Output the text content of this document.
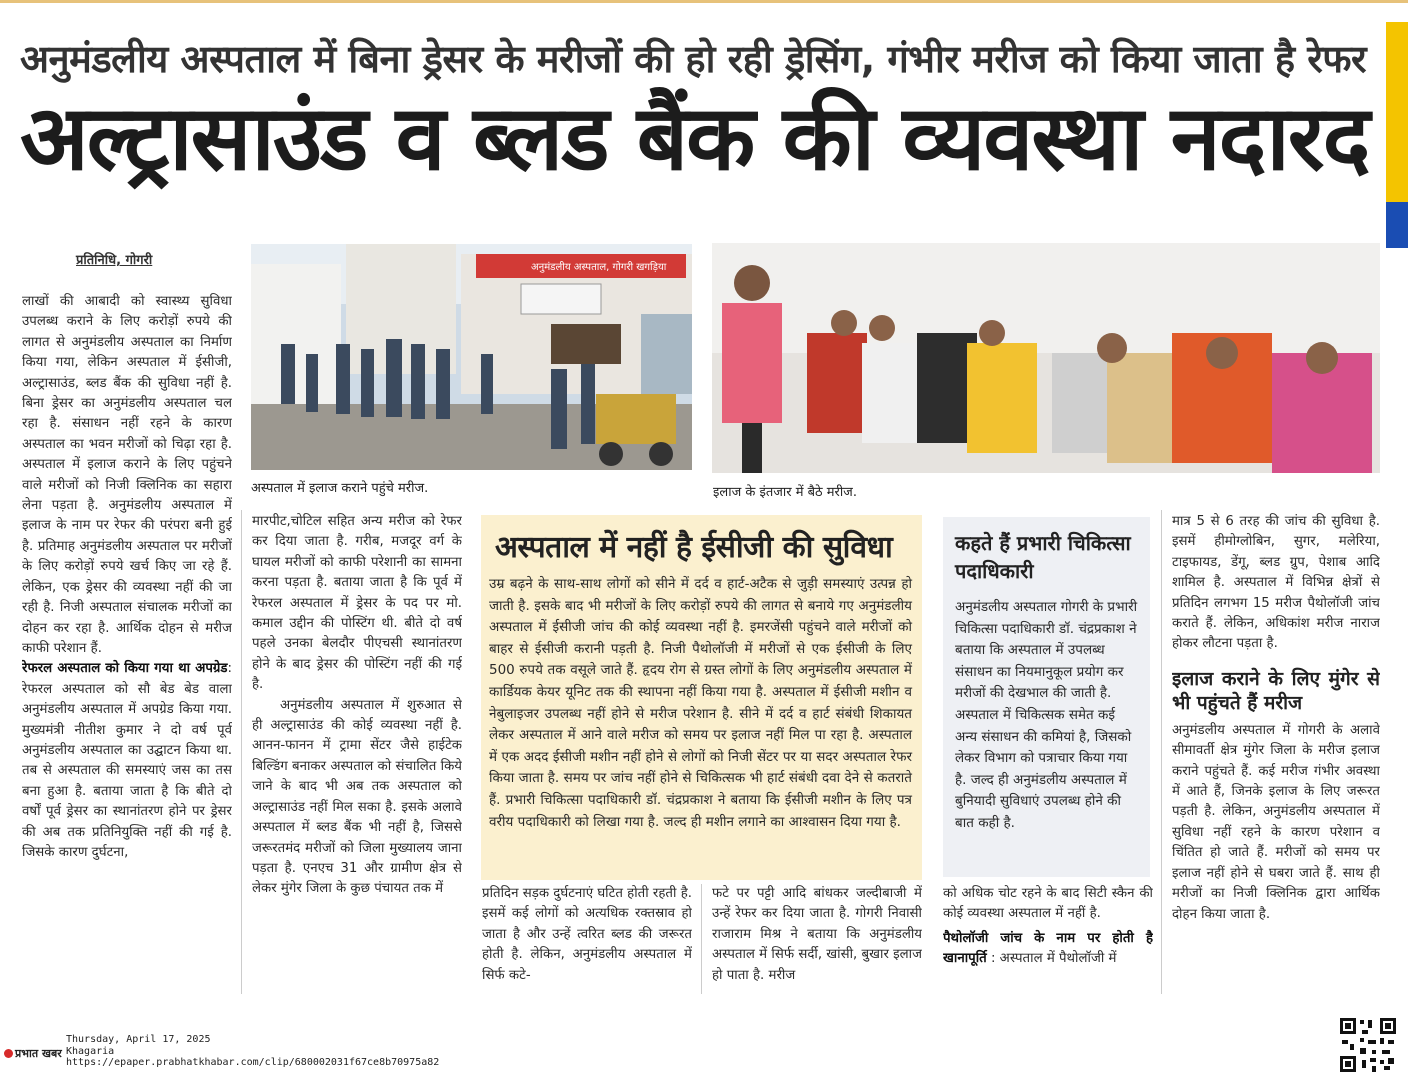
अनुमंडलीय अस्पताल में बिना ड्रेसर के मरीजों की हो रही ड्रेसिंग, गंभीर मरीज को किया जाता है रेफर
अल्ट्रासाउंड व ब्लड बैंक की व्यवस्था नदारद
प्रतिनिधि, गोगरी

लाखों की आबादी को स्वास्थ्य सुविधा उपलब्ध कराने के लिए करोड़ों रुपये की लागत से अनुमंडलीय अस्पताल का निर्माण किया गया, लेकिन अस्पताल में ईसीजी, अल्ट्रासाउंड, ब्लड बैंक की सुविधा नहीं है. बिना ड्रेसर का अनुमंडलीय अस्पताल चल रहा है. संसाधन नहीं रहने के कारण अस्पताल का भवन मरीजों को चिढ़ा रहा है. अस्पताल में इलाज कराने के लिए पहुंचने वाले मरीजों को निजी क्लिनिक का सहारा लेना पड़ता है. अनुमंडलीय अस्पताल में इलाज के नाम पर रेफर की परंपरा बनी हुई है. प्रतिमाह अनुमंडलीय अस्पताल पर मरीजों के लिए करोड़ों रुपये खर्च किए जा रहे हैं. लेकिन, एक ड्रेसर की व्यवस्था नहीं की जा रही है. निजी अस्पताल संचालक मरीजों का दोहन कर रहा है. आर्थिक दोहन से मरीज काफी परेशान हैं.

रेफरल अस्पताल को किया गया था अपग्रेड: रेफरल अस्पताल को सौ बेड बेड वाला अनुमंडलीय अस्पताल में अपग्रेड किया गया. मुख्यमंत्री नीतीश कुमार ने दो वर्ष पूर्व अनुमंडलीय अस्पताल का उद्घाटन किया था. तब से अस्पताल की समस्याएं जस का तस बना हुआ है. बताया जाता है कि बीते दो वर्षों पूर्व ड्रेसर का स्थानांतरण होने पर ड्रेसर की अब तक प्रतिनियुक्ति नहीं की गई है. जिसके कारण दुर्घटना,

अनुमंडलीय अस्पताल, गोगरी खगड़िया
अस्पताल में इलाज कराने पहुंचे मरीज.	इलाज के इंतजार में बैठे मरीज.

मारपीट,चोटिल सहित अन्य मरीज को रेफर कर दिया जाता है. गरीब, मजदूर वर्ग के घायल मरीजों को काफी परेशानी का सामना करना पड़ता है. बताया जाता है कि पूर्व में रेफरल अस्पताल में ड्रेसर के पद पर मो. कमाल उद्दीन की पोस्टिंग थी. बीते दो वर्ष पहले उनका बेलदौर पीएचसी स्थानांतरण होने के बाद ड्रेसर की पोस्टिंग नहीं की गई है.

अनुमंडलीय अस्पताल में शुरुआत से ही अल्ट्रासाउंड की कोई व्यवस्था नहीं है. आनन-फानन में ट्रामा सेंटर जैसे हाईटेक बिल्डिंग बनाकर अस्पताल को संचालित किये जाने के बाद भी अब तक अस्पताल को अल्ट्रासाउंड नहीं मिल सका है. इसके अलावे अस्पताल में ब्लड बैंक भी नहीं है, जिससे जरूरतमंद मरीजों को जिला मुख्यालय जाना पड़ता है. एनएच 31 और ग्रामीण क्षेत्र से लेकर मुंगेर जिला के कुछ पंचायत तक में

अस्पताल में नहीं है ईसीजी की सुविधा

उम्र बढ़ने के साथ-साथ लोगों को सीने में दर्द व हार्ट-अटैक से जुड़ी समस्याएं उत्पन्न हो जाती है. इसके बाद भी मरीजों के लिए करोड़ों रुपये की लागत से बनाये गए अनुमंडलीय अस्पताल में ईसीजी जांच की कोई व्यवस्था नहीं है. इमरजेंसी पहुंचने वाले मरीजों को बाहर से ईसीजी करानी पड़ती है. निजी पैथोलॉजी में मरीजों से एक ईसीजी के लिए 500 रुपये तक वसूले जाते हैं. हृदय रोग से ग्रस्त लोगों के लिए अनुमंडलीय अस्पताल में कार्डियक केयर यूनिट तक की स्थापना नहीं किया गया है. अस्पताल में ईसीजी मशीन व नेबुलाइजर उपलब्ध नहीं होने से मरीज परेशान है. सीने में दर्द व हार्ट संबंधी शिकायत लेकर अस्पताल में आने वाले मरीज को समय पर इलाज नहीं मिल पा रहा है. अस्पताल में एक अदद ईसीजी मशीन नहीं होने से लोगों को निजी सेंटर पर या सदर अस्पताल रेफर किया जाता है. समय पर जांच नहीं होने से चिकित्सक भी हार्ट संबंधी दवा देने से कतराते हैं. प्रभारी चिकित्सा पदाधिकारी डॉ. चंद्रप्रकाश ने बताया कि ईसीजी मशीन के लिए पत्र वरीय पदाधिकारी को लिखा गया है. जल्द ही मशीन लगाने का आश्वासन दिया गया है.

प्रतिदिन सड़क दुर्घटनाएं घटित होती रहती है. इसमें कई लोगों को अत्यधिक रक्तस्राव हो जाता है और उन्हें त्वरित ब्लड की जरूरत होती है. लेकिन, अनुमंडलीय अस्पताल में सिर्फ कटे-

फटे पर पट्टी आदि बांधकर जल्दीबाजी में उन्हें रेफर कर दिया जाता है. गोगरी निवासी राजाराम मिश्र ने बताया कि अनुमंडलीय अस्पताल में सिर्फ सर्दी, खांसी, बुखार इलाज हो पाता है. मरीज

कहते हैं प्रभारी चिकित्सा पदाधिकारी

अनुमंडलीय अस्पताल गोगरी के प्रभारी चिकित्सा पदाधिकारी डॉ. चंद्रप्रकाश ने बताया कि अस्पताल में उपलब्ध संसाधन का नियमानुकूल प्रयोग कर मरीजों की देखभाल की जाती है. अस्पताल में चिकित्सक समेत कई अन्य संसाधन की कमियां है, जिसको लेकर विभाग को पत्राचार किया गया है. जल्द ही अनुमंडलीय अस्पताल में बुनियादी सुविधाएं उपलब्ध होने की बात कही है.

को अधिक चोट रहने के बाद सिटी स्कैन की कोई व्यवस्था अस्पताल में नहीं है.

पैथोलॉजी जांच के नाम पर होती है खानापूर्ति : अस्पताल में पैथोलॉजी में

मात्र 5 से 6 तरह की जांच की सुविधा है. इसमें हीमोग्लोबिन, सुगर, मलेरिया, टाइफायड, डेंगू, ब्लड ग्रुप, पेशाब आदि शामिल है. अस्पताल में विभिन्न क्षेत्रों से प्रतिदिन लगभग 15 मरीज पैथोलॉजी जांच कराते हैं. लेकिन, अधिकांश मरीज नाराज होकर लौटना पड़ता है.

इलाज कराने के लिए मुंगेर से भी पहुंचते हैं मरीज

अनुमंडलीय अस्पताल में गोगरी के अलावे सीमावर्ती क्षेत्र मुंगेर जिला के मरीज इलाज कराने पहुंचते हैं. कई मरीज गंभीर अवस्था में आते हैं, जिनके इलाज के लिए जरूरत पड़ती है. लेकिन, अनुमंडलीय अस्पताल में सुविधा नहीं रहने के कारण परेशान व चिंतित हो जाते हैं. मरीजों को समय पर इलाज नहीं होने से घबरा जाते हैं. साथ ही मरीजों का निजी क्लिनिक द्वारा आर्थिक दोहन किया जाता है.

प्रभात खबर
Thursday, April 17, 2025
Khagaria
https://epaper.prabhatkhabar.com/clip/680002031f67ce8b70975a82
